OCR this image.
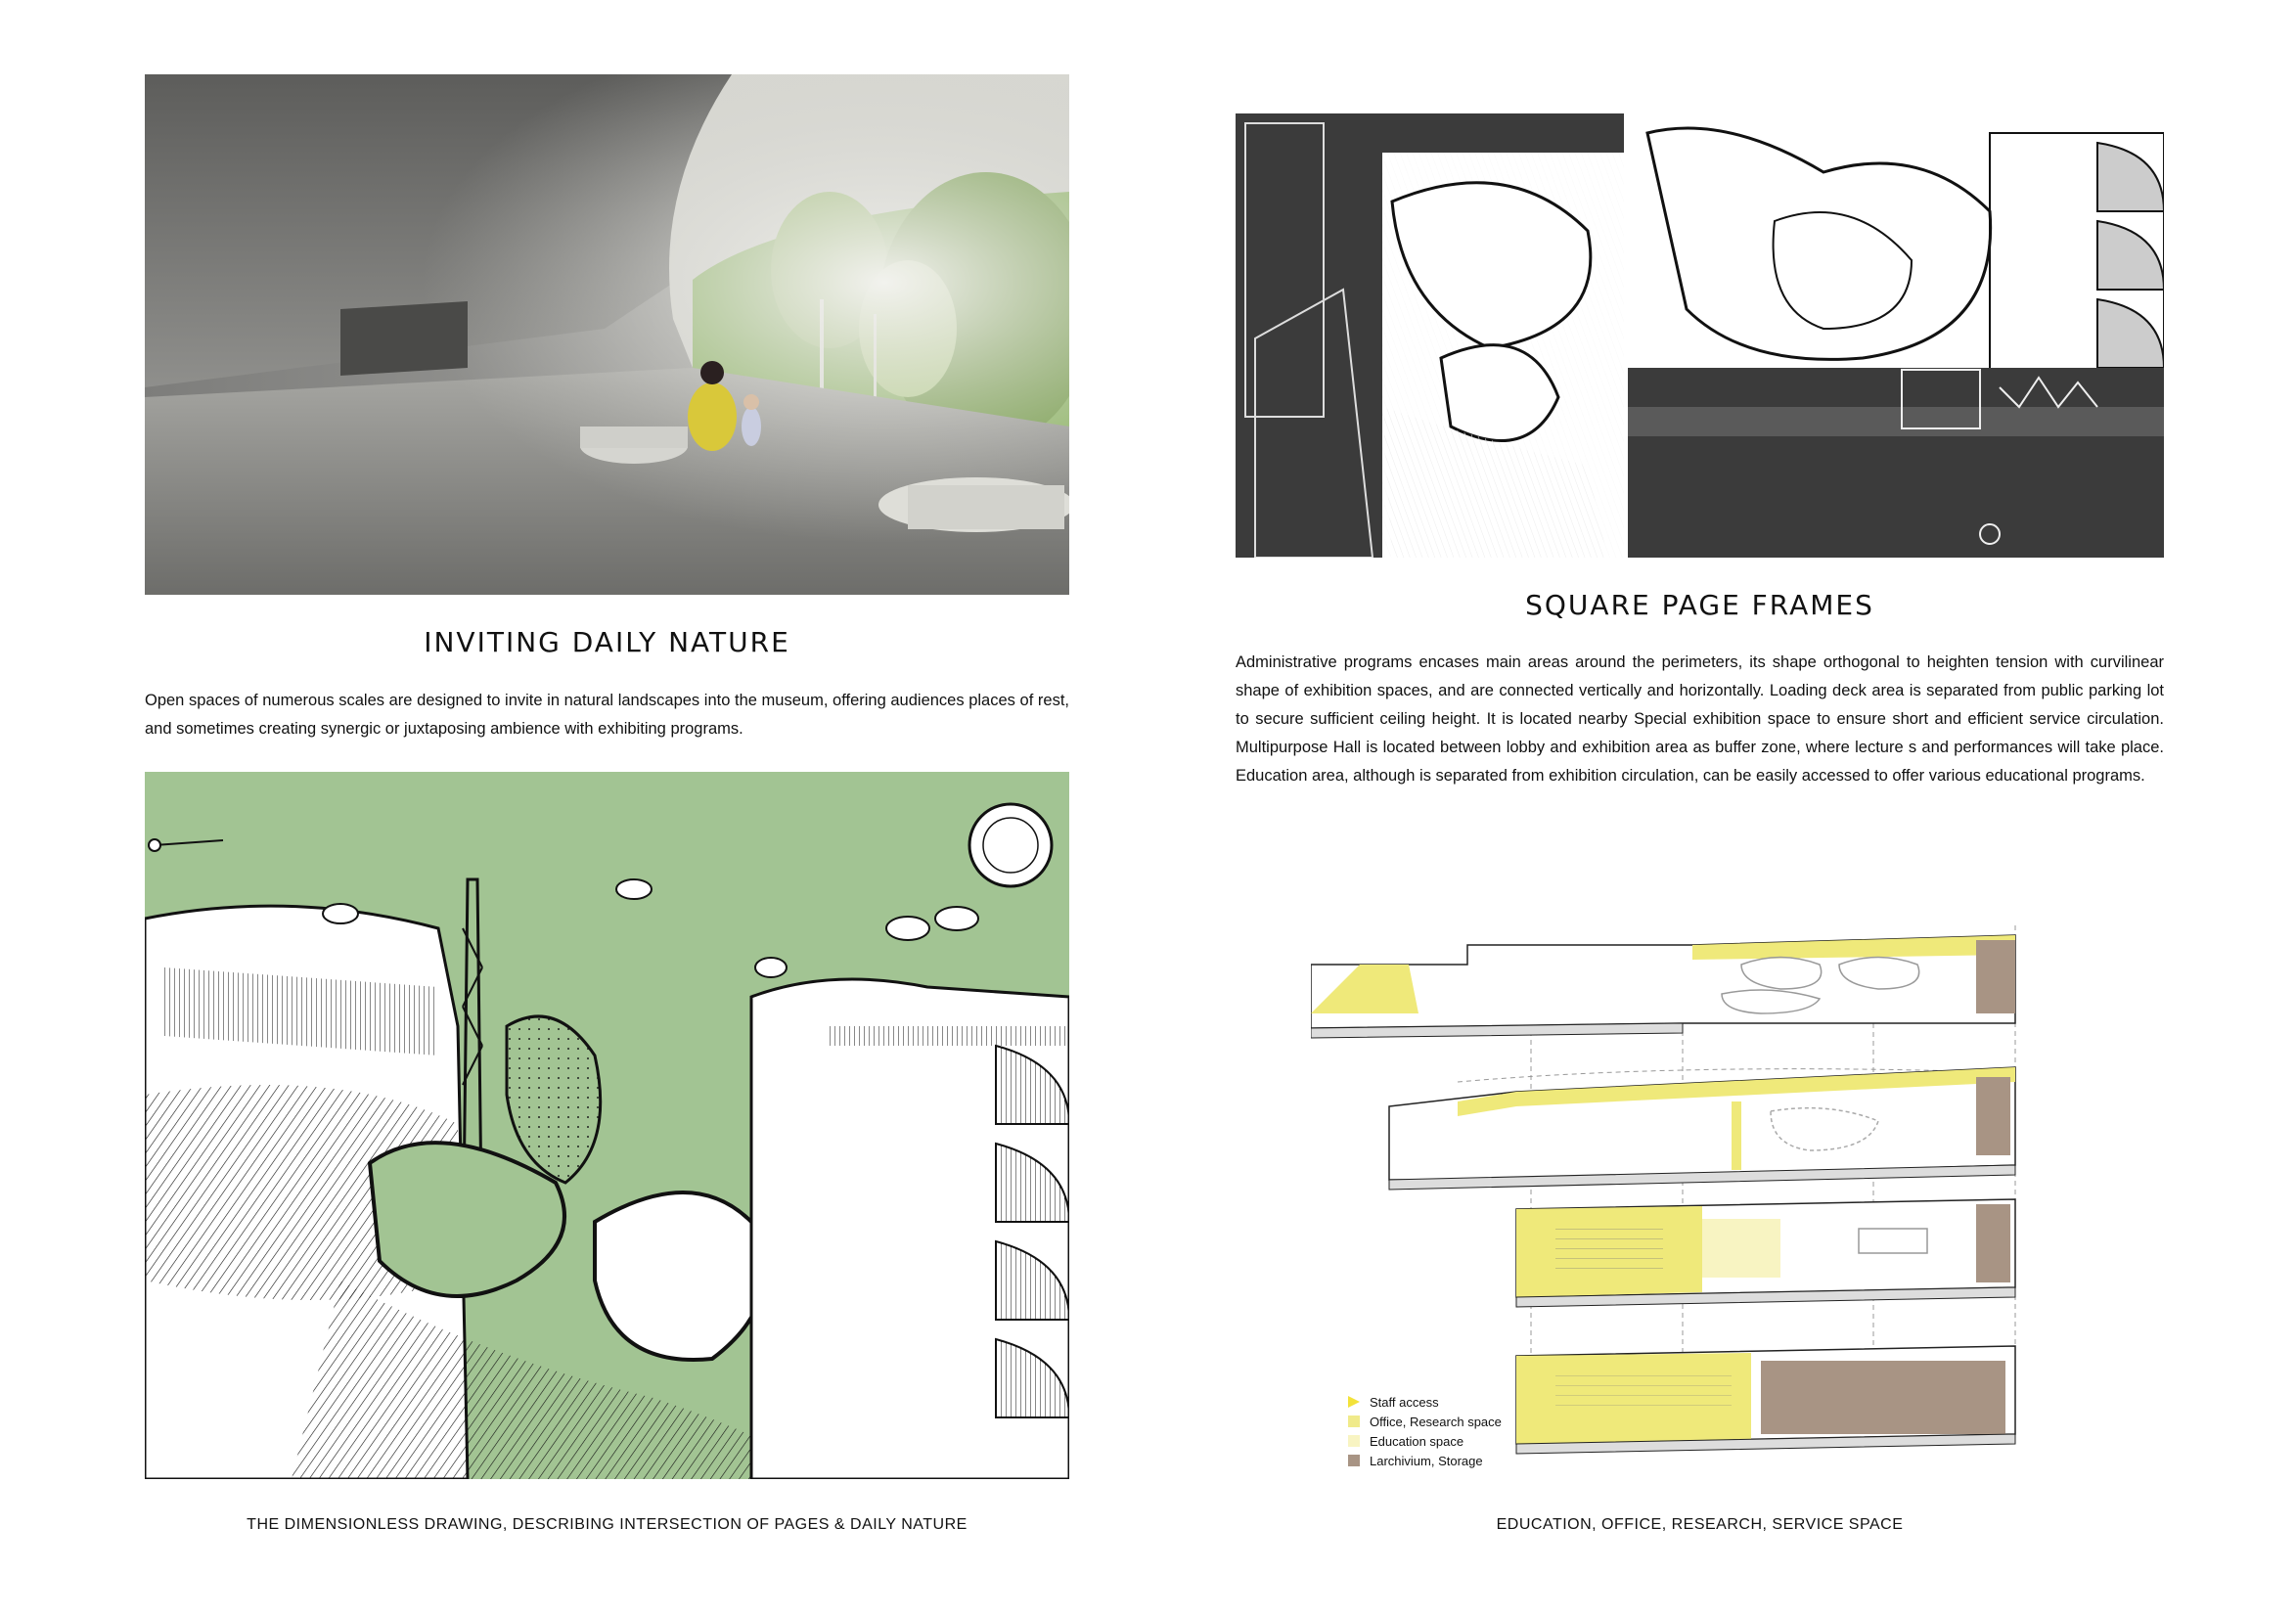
INVITING DAILY NATURE
Open spaces of numerous scales are designed to invite in natural landscapes into the museum, offering audiences places of rest, and sometimes creating synergic or juxtaposing ambience with exhibiting programs.
THE DIMENSIONLESS DRAWING, DESCRIBING INTERSECTION OF PAGES & DAILY NATURE
SQUARE PAGE FRAMES
Administrative programs encases main areas around the perimeters, its shape orthogonal to heighten tension with curvilinear shape of exhibition spaces, and are connected vertically and horizontally. Loading deck area is separated from public parking lot to secure sufficient ceiling height. It is located nearby Special exhibition space to ensure short and efficient service circulation. Multipurpose Hall is located between lobby and exhibition area as buffer zone, where lecture s and performances will take place. Education area, although is separated from exhibition circulation, can be easily accessed to offer various educational programs.
Staff access
Office, Research space
Education space
Larchivium, Storage
EDUCATION, OFFICE, RESEARCH, SERVICE SPACE
